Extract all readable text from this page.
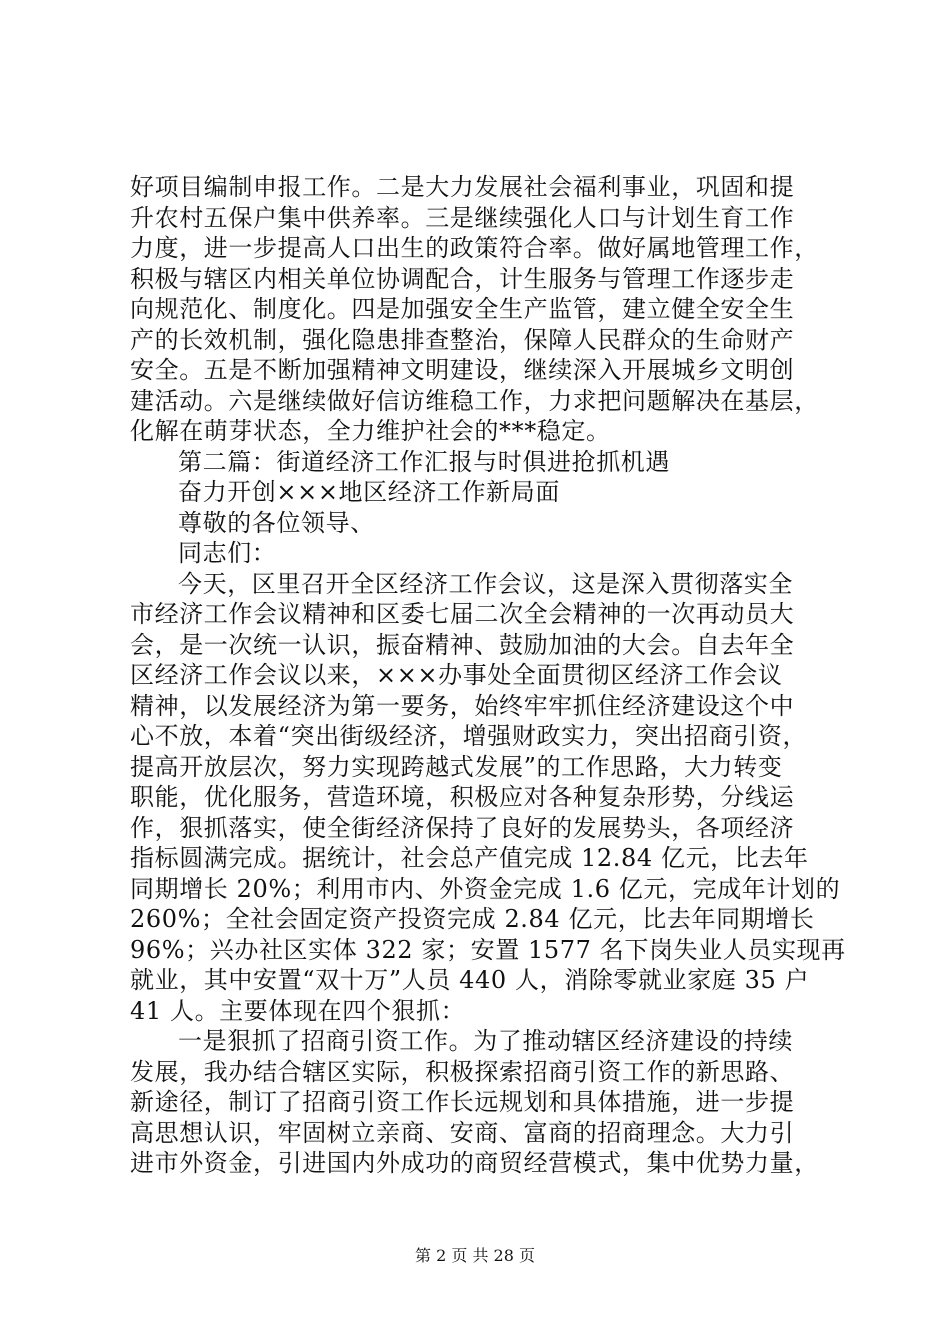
好项目编制申报工作。二是大力发展社会福利事业，巩固和提
升农村五保户集中供养率。三是继续强化人口与计划生育工作
力度，进一步提高人口出生的政策符合率。做好属地管理工作，
积极与辖区内相关单位协调配合，计生服务与管理工作逐步走
向规范化、制度化。四是加强安全生产监管，建立健全安全生
产的长效机制，强化隐患排查整治，保障人民群众的生命财产
安全。五是不断加强精神文明建设，继续深入开展城乡文明创
建活动。六是继续做好信访维稳工作，力求把问题解决在基层，
化解在萌芽状态，全力维护社会的***稳定。
第二篇：街道经济工作汇报与时俱进抢抓机遇
奋力开创×××地区经济工作新局面
尊敬的各位领导、
同志们：
今天，区里召开全区经济工作会议，这是深入贯彻落实全
市经济工作会议精神和区委七届二次全会精神的一次再动员大
会，是一次统一认识，振奋精神、鼓励加油的大会。自去年全
区经济工作会议以来，×××办事处全面贯彻区经济工作会议
精神，以发展经济为第一要务，始终牢牢抓住经济建设这个中
心不放，本着“突出街级经济，增强财政实力，突出招商引资，
提高开放层次，努力实现跨越式发展”的工作思路，大力转变
职能，优化服务，营造环境，积极应对各种复杂形势，分线运
作，狠抓落实，使全街经济保持了良好的发展势头，各项经济
指标圆满完成。据统计，社会总产值完成 12.84 亿元，比去年
同期增长 20%；利用市内、外资金完成 1.6 亿元，完成年计划的
260%；全社会固定资产投资完成 2.84 亿元，比去年同期增长
96%；兴办社区实体 322 家；安置 1577 名下岗失业人员实现再
就业，其中安置“双十万”人员 440 人，消除零就业家庭 35 户
41 人。主要体现在四个狠抓：
一是狠抓了招商引资工作。为了推动辖区经济建设的持续
发展，我办结合辖区实际，积极探索招商引资工作的新思路、
新途径，制订了招商引资工作长远规划和具体措施，进一步提
高思想认识，牢固树立亲商、安商、富商的招商理念。大力引
进市外资金，引进国内外成功的商贸经营模式，集中优势力量，
第 2 页 共 28 页
